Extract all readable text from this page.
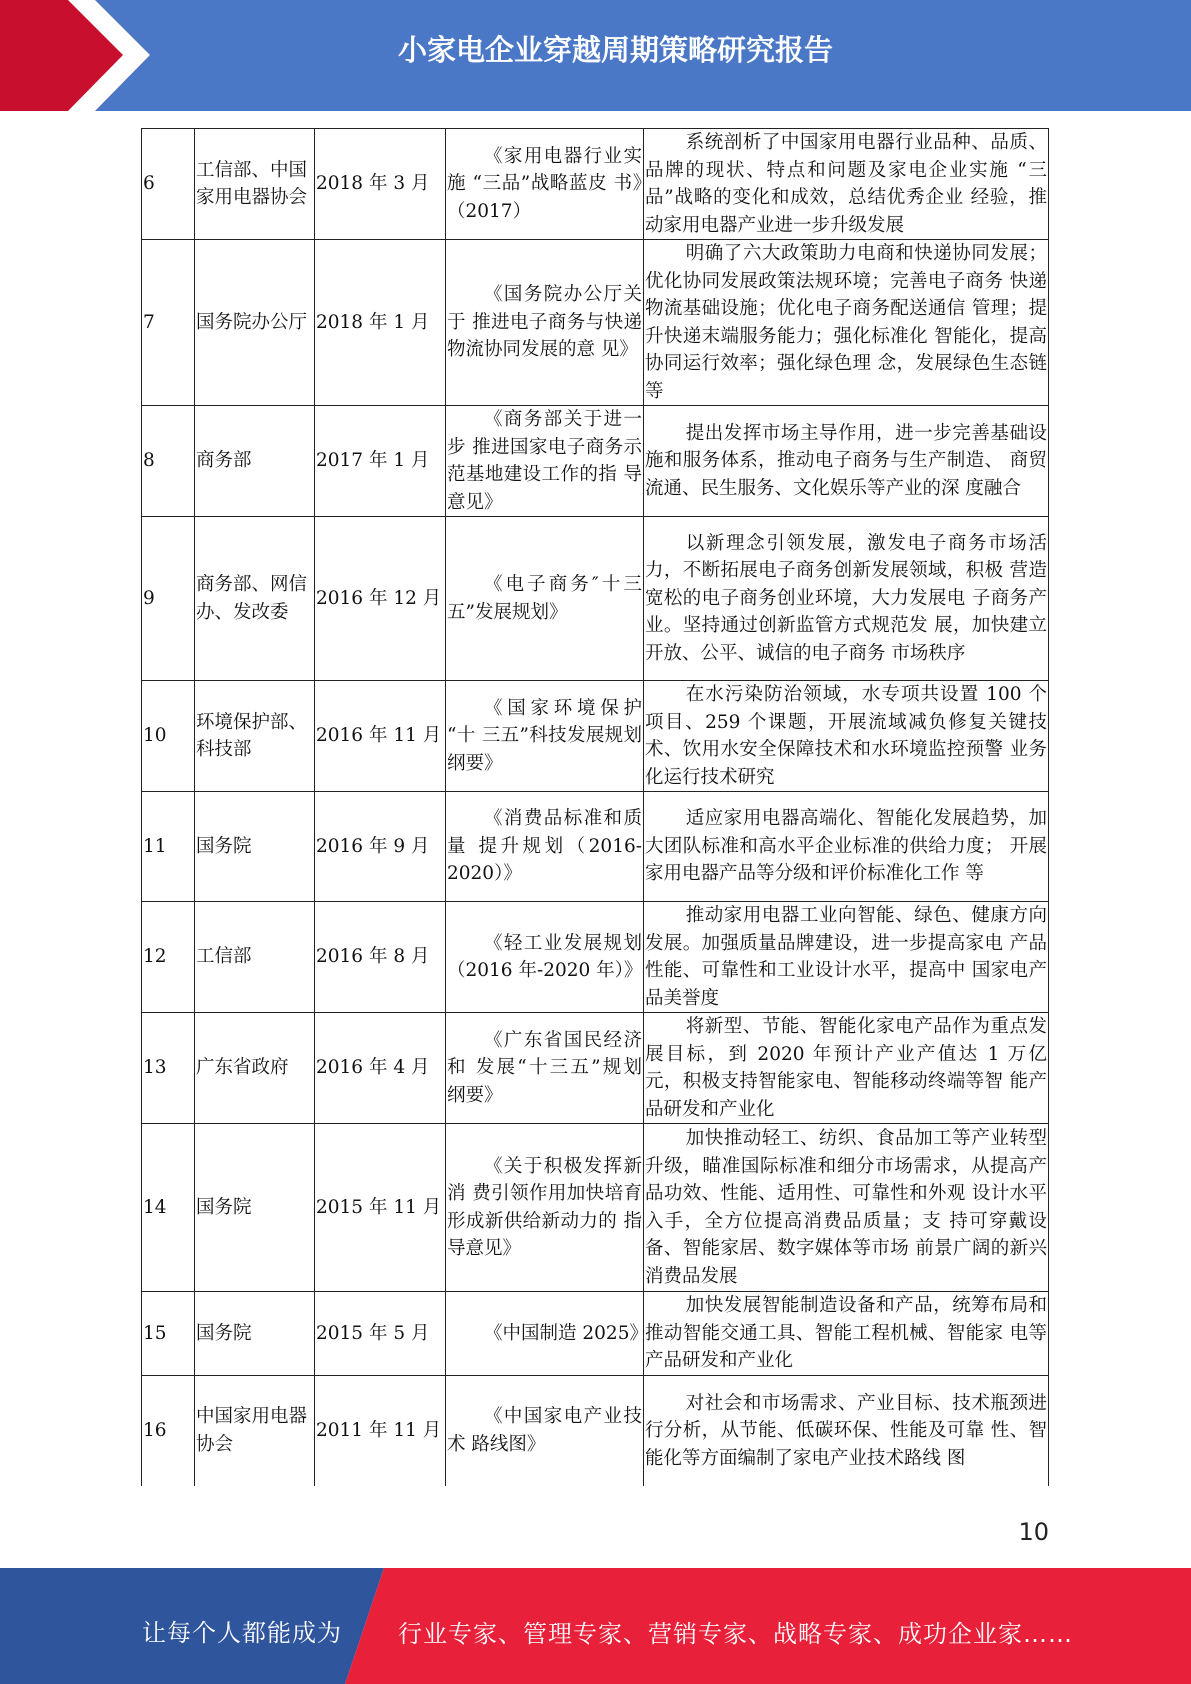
小家电企业穿越周期策略研究报告
6	工信部、中国家用电器协会	2018 年 3 月	《家用电器行业实施 “三品”战略蓝皮 书》（2017）	系统剖析了中国家用电器行业品种、品质、品牌的现状、特点和问题及家电企业实施 “三品”战略的变化和成效，总结优秀企业 经验，推动家用电器产业进一步升级发展
7	国务院办公厅	2018 年 1 月	《国务院办公厅关于 推进电子商务与快递 物流协同发展的意 见》	明确了六大政策助力电商和快递协同发展；优化协同发展政策法规环境；完善电子商务 快递物流基础设施；优化电子商务配送通信 管理；提升快递末端服务能力；强化标准化 智能化，提高协同运行效率；强化绿色理 念，发展绿色生态链等
8	商务部	2017 年 1 月	《商务部关于进一步 推进国家电子商务示 范基地建设工作的指 导意见》	提出发挥市场主导作用，进一步完善基础设施和服务体系，推动电子商务与生产制造、 商贸流通、民生服务、文化娱乐等产业的深 度融合
9	商务部、网信办、发改委	2016 年 12 月	《电子商务″十三五”发展规划》	以新理念引领发展，激发电子商务市场活力，不断拓展电子商务创新发展领域，积极 营造宽松的电子商务创业环境，大力发展电 子商务产业。坚持通过创新监管方式规范发 展，加快建立开放、公平、诚信的电子商务 市场秩序
10	环境保护部、科技部	2016 年 11 月	《国家环境保护 “十 三五”科技发展规划 纲要》	在水污染防治领域，水专项共设置 100 个项目、259 个课题，开展流域减负修复关键技 术、饮用水安全保障技术和水环境监控预警 业务化运行技术研究
11	国务院	2016 年 9 月	《消费品标准和质量 提升规划（2016-2020）》	适应家用电器高端化、智能化发展趋势，加大团队标准和高水平企业标准的供给力度； 开展家用电器产品等分级和评价标准化工作 等
12	工信部	2016 年 8 月	《轻工业发展规划（2016 年-2020 年）》	推动家用电器工业向智能、绿色、健康方向发展。加强质量品牌建设，进一步提高家电 产品性能、可靠性和工业设计水平，提高中 国家电产品美誉度
13	广东省政府	2016 年 4 月	《广东省国民经济和 发展“十三五”规划 纲要》	将新型、节能、智能化家电产品作为重点发展目标，到 2020 年预计产业产值达 1 万亿 元，积极支持智能家电、智能移动终端等智 能产品研发和产业化
14	国务院	2015 年 11 月	《关于积极发挥新消 费引领作用加快培育形成新供给新动力的 指导意见》	加快推动轻工、纺织、食品加工等产业转型升级，瞄准国际标准和细分市场需求，从提高产品功效、性能、适用性、可靠性和外观 设计水平入手，全方位提高消费品质量；支 持可穿戴设备、智能家居、数字媒体等市场 前景广阔的新兴消费品发展
15	国务院	2015 年 5 月	《中国制造 2025》	加快发展智能制造设备和产品，统筹布局和推动智能交通工具、智能工程机械、智能家 电等产品研发和产业化
16	中国家用电器协会	2011 年 11 月	《中国家电产业技术 路线图》	对社会和市场需求、产业目标、技术瓶颈进行分析，从节能、低碳环保、性能及可靠 性、智能化等方面编制了家电产业技术路线 图
10
让每个人都能成为 行业专家、管理专家、营销专家、战略专家、成功企业家……
